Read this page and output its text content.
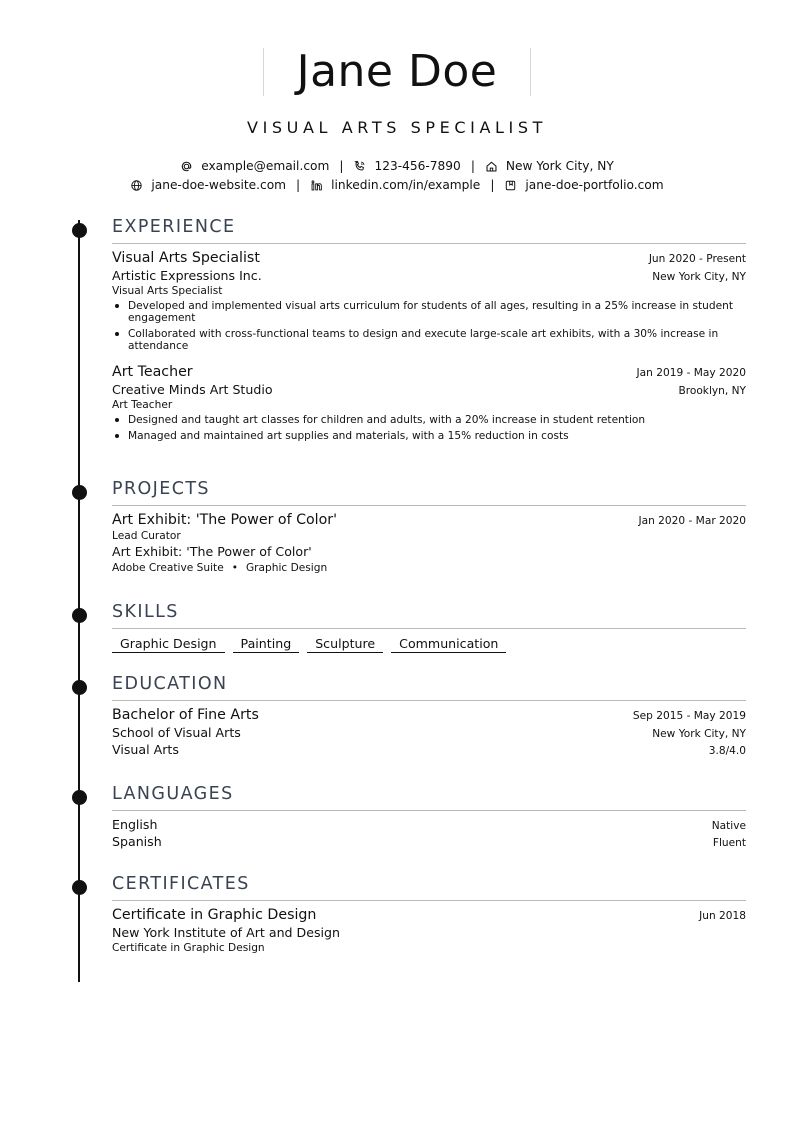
Jane Doe
VISUAL ARTS SPECIALIST
example@email.com |	123-456-7890 |	New York City, NY
jane-doe-website.com |	linkedin.com/in/example |	jane-doe-portfolio.com
EXPERIENCE
Visual Arts Specialist	Jun 2020 - Present
Artistic Expressions Inc.	New York City, NY
Visual Arts Specialist
Developed and implemented visual arts curriculum for students of all ages, resulting in a 25% increase in student engagement
Collaborated with cross-functional teams to design and execute large-scale art exhibits, with a 30% increase in attendance
Art Teacher	Jan 2019 - May 2020
Creative Minds Art Studio	Brooklyn, NY
Art Teacher
Designed and taught art classes for children and adults, with a 20% increase in student retention
Managed and maintained art supplies and materials, with a 15% reduction in costs
PROJECTS
Art Exhibit: 'The Power of Color'	Jan 2020 - Mar 2020
Lead Curator
Art Exhibit: 'The Power of Color'
Adobe Creative Suite • Graphic Design
SKILLS
Graphic Design	Painting	Sculpture	Communication
EDUCATION
Bachelor of Fine Arts	Sep 2015 - May 2019
School of Visual Arts	New York City, NY
Visual Arts	3.8/4.0
LANGUAGES
English	Native
Spanish	Fluent
CERTIFICATES
Certificate in Graphic Design	Jun 2018
New York Institute of Art and Design
Certificate in Graphic Design
